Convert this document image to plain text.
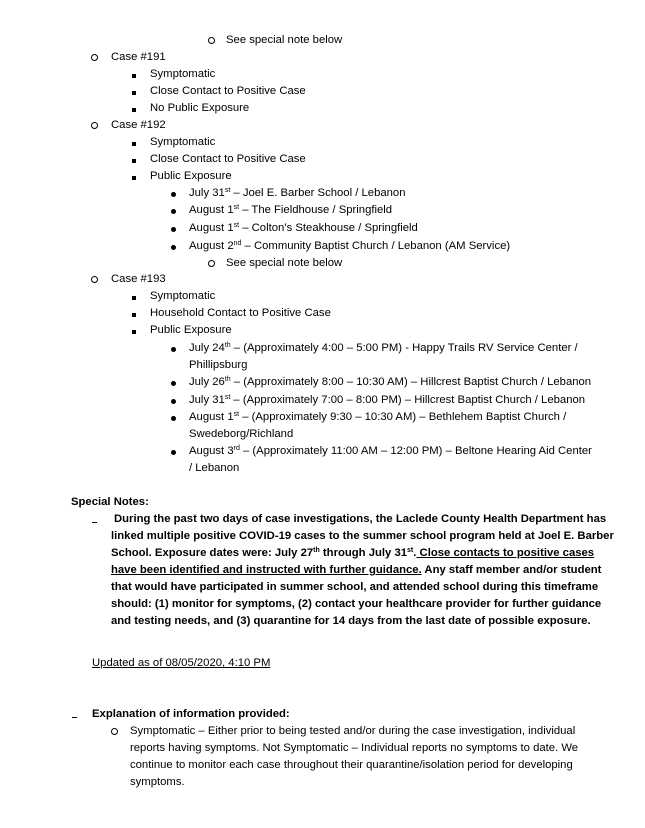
See special note below
Case #191
Symptomatic
Close Contact to Positive Case
No Public Exposure
Case #192
Symptomatic
Close Contact to Positive Case
Public Exposure
July 31st – Joel E. Barber School / Lebanon
August 1st – The Fieldhouse / Springfield
August 1st – Colton’s Steakhouse / Springfield
August 2nd – Community Baptist Church / Lebanon (AM Service)
See special note below
Case #193
Symptomatic
Household Contact to Positive Case
Public Exposure
July 24th – (Approximately 4:00 – 5:00 PM) - Happy Trails RV Service Center /
Phillipsburg
July 26th – (Approximately 8:00 – 10:30 AM) – Hillcrest Baptist Church / Lebanon
July 31st – (Approximately 7:00 – 8:00 PM) – Hillcrest Baptist Church / Lebanon
August 1st – (Approximately 9:30 – 10:30 AM) – Bethlehem Baptist Church /
Swedeborg/Richland
August 3rd – (Approximately 11:00 AM – 12:00 PM) – Beltone Hearing Aid Center
/ Lebanon
Special Notes:
During the past two days of case investigations, the Laclede County Health Department has
linked multiple positive COVID-19 cases to the summer school program held at Joel E. Barber
School. Exposure dates were: July 27th through July 31st. Close contacts to positive cases
have been identified and instructed with further guidance. Any staff member and/or student
that would have participated in summer school, and attended school during this timeframe
should: (1) monitor for symptoms, (2) contact your healthcare provider for further guidance
and testing needs, and (3) quarantine for 14 days from the last date of possible exposure.
Updated as of 08/05/2020, 4:10 PM
Explanation of information provided:
Symptomatic – Either prior to being tested and/or during the case investigation, individual
reports having symptoms. Not Symptomatic – Individual reports no symptoms to date. We
continue to monitor each case throughout their quarantine/isolation period for developing
symptoms.
